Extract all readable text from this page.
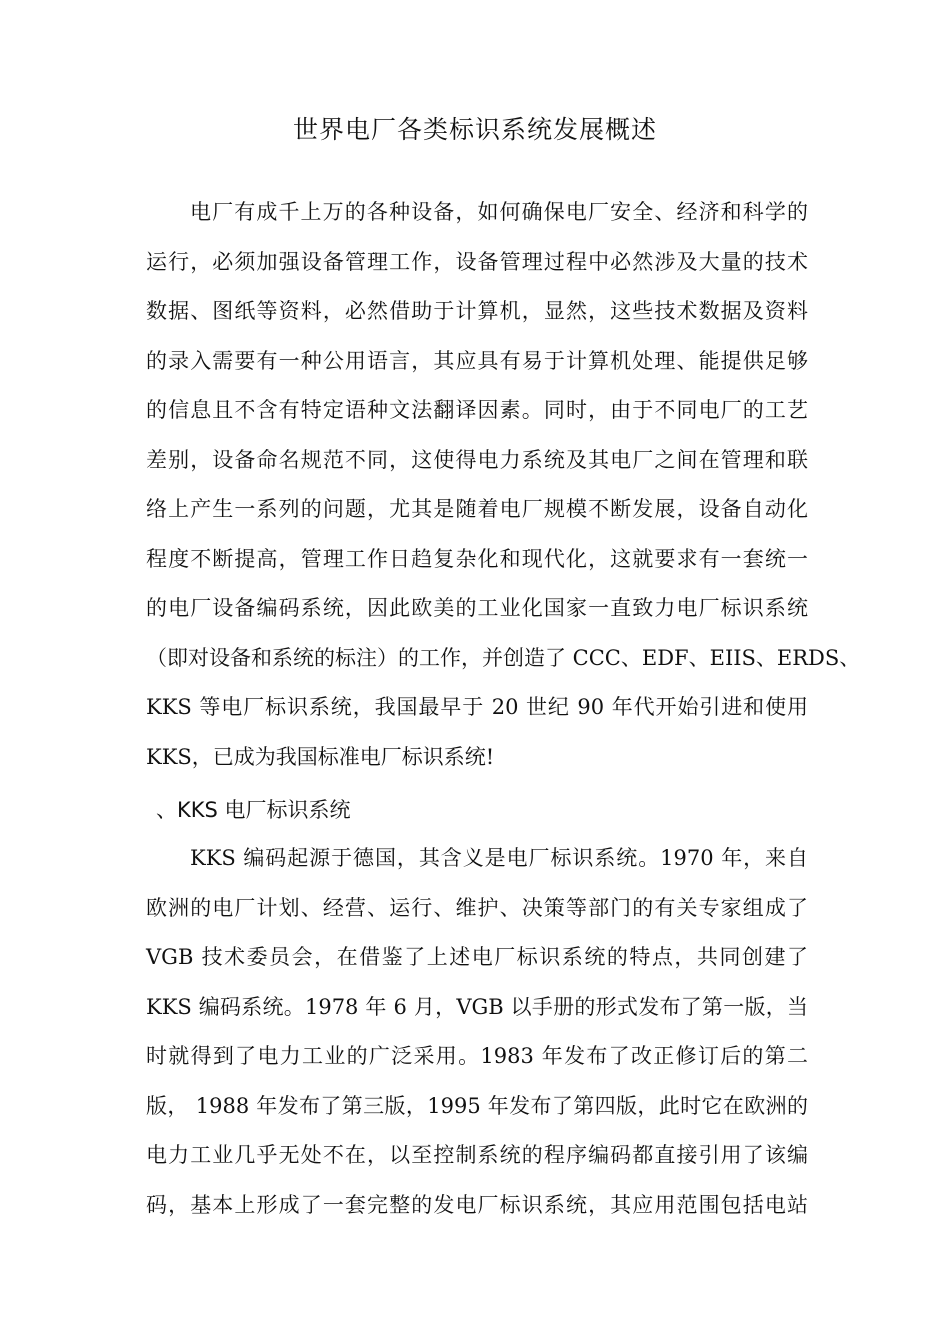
世界电厂各类标识系统发展概述
电厂有成千上万的各种设备，如何确保电厂安全、经济和科学的
运行，必须加强设备管理工作，设备管理过程中必然涉及大量的技术
数据、图纸等资料，必然借助于计算机，显然，这些技术数据及资料
的录入需要有一种公用语言，其应具有易于计算机处理、能提供足够
的信息且不含有特定语种文法翻译因素。同时，由于不同电厂的工艺
差别，设备命名规范不同，这使得电力系统及其电厂之间在管理和联
络上产生一系列的问题，尤其是随着电厂规模不断发展，设备自动化
程度不断提高，管理工作日趋复杂化和现代化，这就要求有一套统一
的电厂设备编码系统，因此欧美的工业化国家一直致力电厂标识系统
（即对设备和系统的标注）的工作，并创造了 CCC、EDF、EIIS、ERDS、
KKS 等电厂标识系统，我国最早于 20 世纪 90 年代开始引进和使用
KKS，已成为我国标准电厂标识系统!
、KKS 电厂标识系统
KKS 编码起源于德国，其含义是电厂标识系统。1970 年，来自
欧洲的电厂计划、经营、运行、维护、决策等部门的有关专家组成了
VGB 技术委员会，在借鉴了上述电厂标识系统的特点，共同创建了
KKS 编码系统。1978 年 6 月，VGB 以手册的形式发布了第一版，当
时就得到了电力工业的广泛采用。1983 年发布了改正修订后的第二
版， 1988 年发布了第三版，1995 年发布了第四版，此时它在欧洲的
电力工业几乎无处不在，以至控制系统的程序编码都直接引用了该编
码，基本上形成了一套完整的发电厂标识系统，其应用范围包括电站
